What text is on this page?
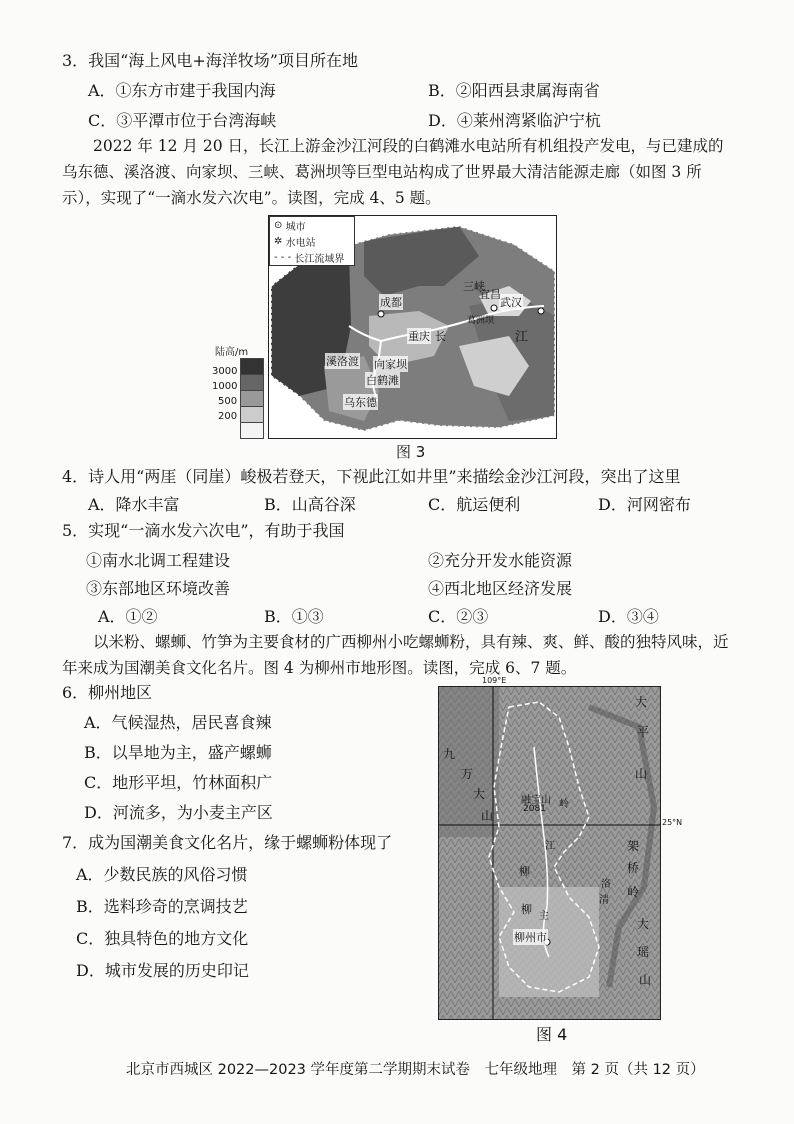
3．我国“海上风电+海洋牧场”项目所在地
A．①东方市建于我国内海	B．②阳西县隶属海南省
C．③平潭市位于台湾海峡	D．④莱州湾紧临沪宁杭
2022 年 12 月 20 日，长江上游金沙江河段的白鹤滩水电站所有机组投产发电，与已建成的乌东德、溪洛渡、向家坝、三峡、葛洲坝等巨型电站构成了世界最大清洁能源走廊（如图 3 所示），实现了“一滴水发六次电”。读图，完成 4、5 题。
⊙
城市
✲
水电站
- - -
长江流域界
成都
重庆
武汉
宜昌
三峡
葛洲坝
溪洛渡 向家坝
白鹤滩
乌东德
长	江
陆高/m
3000
1000
500
200
图 3
4．诗人用“两厓（同崖）峻极若登天，下视此江如井里”来描绘金沙江河段，突出了这里
A．降水丰富	B．山高谷深	C．航运便利	D．河网密布
5．实现“一滴水发六次电”，有助于我国
①南水北调工程建设	②充分开发水能资源
③东部地区环境改善	④西北地区经济发展
A．①②	B．①③	C．②③	D．③④
以米粉、螺蛳、竹笋为主要食材的广西柳州小吃螺蛳粉，具有辣、爽、鲜、酸的独特风味，近年来成为国潮美食文化名片。图 4 为柳州市地形图。读图，完成 6、7 题。
6．柳州地区
A．气候湿热，居民喜食辣
B．以旱地为主，盛产螺蛳
C．地形平坦，竹林面积广
D．河流多，为小麦主产区
7．成为国潮美食文化名片，缘于螺蛳粉体现了
A．少数民族的风俗习惯
B．选料珍奇的烹调技艺
C．独具特色的地方文化
D．城市发展的历史印记
109°E
九
万
大
山
融宝山
2081 岭
江
大
平
山
架
桥
岭
柳
柳
主
洛
清
柳州市
大
瑶
山
25°N
图 4
北京市西城区 2022—2023 学年度第二学期期末试卷　七年级地理　第 2 页（共 12 页）
